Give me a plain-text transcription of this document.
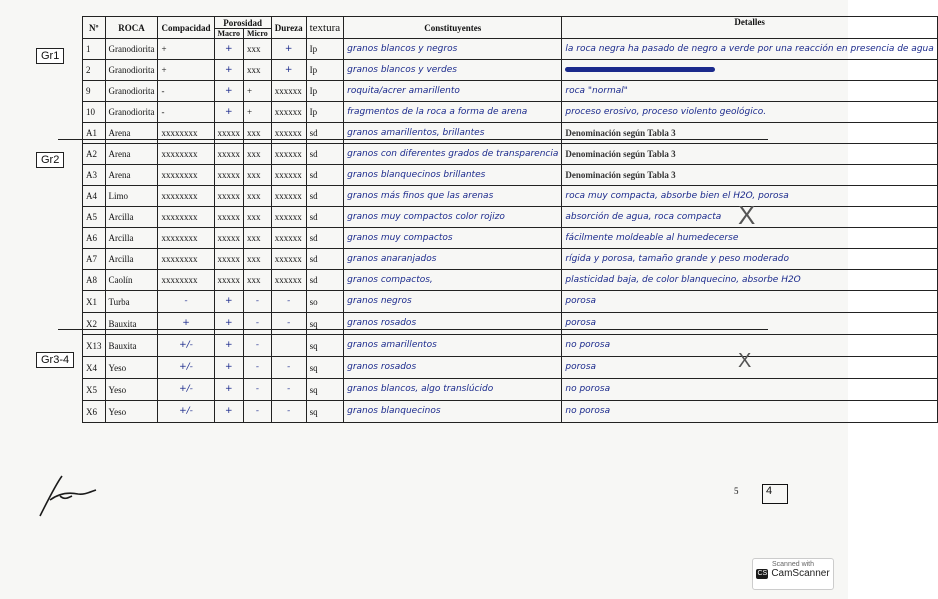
Gr1
Gr2
Gr3-4
Nº	ROCA	Compacidad	Porosidad		Dureza	textura	Constituyentes	Detalles
			Macro	Micro				
1	Granodiorita	+	+	xxx	+	Ip	granos blancos y negros	la roca negra ha pasado de negro a verde por una reacción en presencia de agua
2	Granodiorita	+	+	xxx	+	Ip	granos blancos y verdes	
9	Granodiorita	-	+	+	xxxxxx	Ip	roquita/acrer amarillento	roca "normal"
10	Granodiorita	-	+	+	xxxxxx	Ip	fragmentos de la roca a forma de arena	proceso erosivo, proceso violento geológico.
A1	Arena	xxxxxxxx	xxxxx	xxx	xxxxxx	sd	granos amarillentos, brillantes	Denominación según Tabla 3
A2	Arena	xxxxxxxx	xxxxx	xxx	xxxxxx	sd	granos con diferentes grados de transparencia	Denominación según Tabla 3
A3	Arena	xxxxxxxx	xxxxx	xxx	xxxxxx	sd	granos blanquecinos brillantes	Denominación según Tabla 3
A4	Limo	xxxxxxxx	xxxxx	xxx	xxxxxx	sd	granos más finos que las arenas	roca muy compacta, absorbe bien el H2O, porosa
A5	Arcilla	xxxxxxxx	xxxxx	xxx	xxxxxx	sd	granos muy compactos color rojizo	absorción de agua, roca compacta
A6	Arcilla	xxxxxxxx	xxxxx	xxx	xxxxxx	sd	granos muy compactos	fácilmente moldeable al humedecerse
A7	Arcilla	xxxxxxxx	xxxxx	xxx	xxxxxx	sd	granos anaranjados	rígida y porosa, tamaño grande y peso moderado
A8	Caolín	xxxxxxxx	xxxxx	xxx	xxxxxx	sd	granos compactos,	plasticidad baja, de color blanquecino, absorbe H2O
X1	Turba	-	+	-	-	so	granos negros	porosa
X2	Bauxita	+	+	-	-	sq	granos rosados	porosa
X13	Bauxita	+/-	+	-		sq	granos amarillentos	no porosa
X4	Yeso	+/-	+	-	-	sq	granos rosados	porosa
X5	Yeso	+/-	+	-	-	sq	granos blancos, algo translúcido	no porosa
X6	Yeso	+/-	+	-	-	sq	granos blanquecinos	no porosa
X
X
5	4
Scanned with
CS CamScanner
